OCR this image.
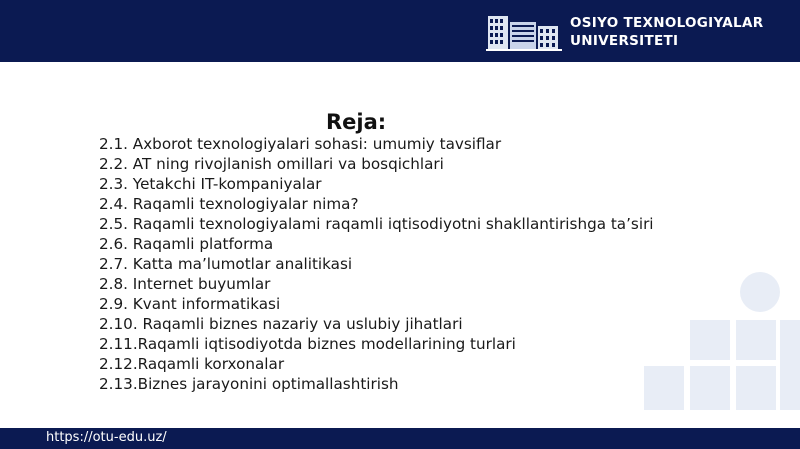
OSIYO TEXNOLOGIYALAR
UNIVERSITETI
Reja:
2.1. Axborot texnologiyalari sohasi: umumiy tavsiflar
2.2. AT ning rivojlanish omillari va bosqichlari
2.3. Yetakchi IT-kompaniyalar
2.4. Raqamli texnologiyalar nima?
2.5. Raqamli texnologiyalami raqamli iqtisodiyotni shakllantirishga ta’siri
2.6. Raqamli platforma
2.7. Katta ma’lumotlar analitikasi
2.8. Internet buyumlar
2.9. Kvant informatikasi
2.10. Raqamli biznes nazariy va uslubiy jihatlari
2.11.Raqamli iqtisodiyotda biznes modellarining turlari
2.12.Raqamli korxonalar
2.13.Biznes jarayonini optimallashtirish
https://otu-edu.uz/
